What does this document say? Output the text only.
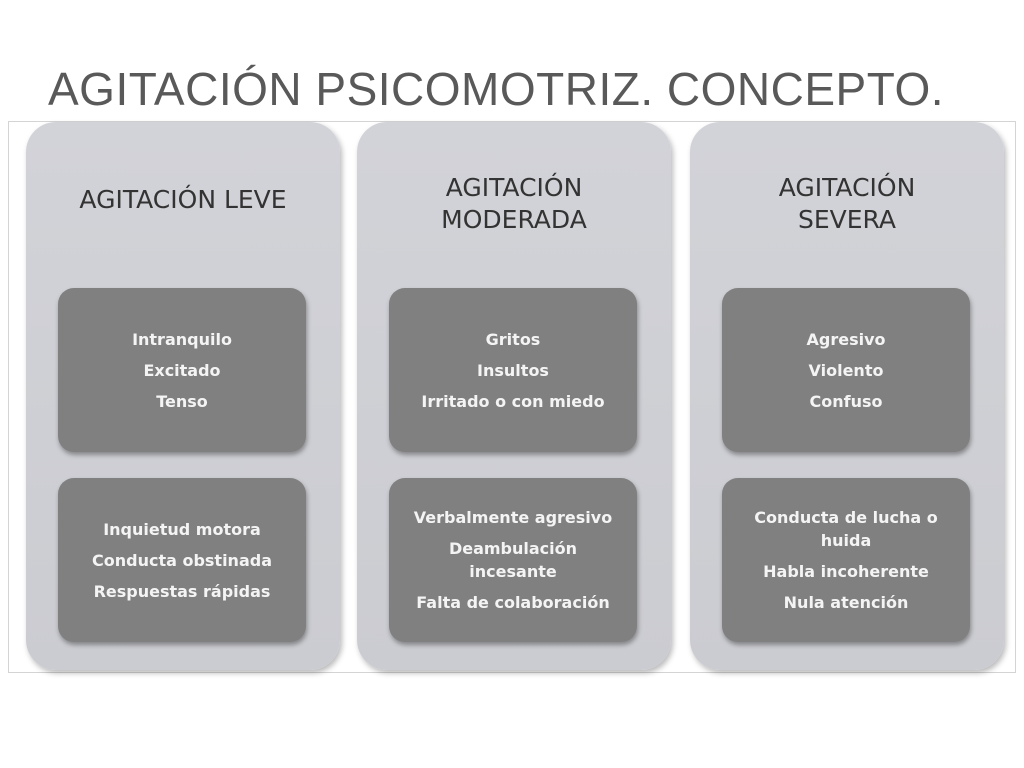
AGITACIÓN PSICOMOTRIZ. CONCEPTO.
AGITACIÓN LEVE
Intranquilo
Excitado
Tenso
Inquietud motora
Conducta obstinada
Respuestas rápidas
AGITACIÓN
MODERADA
Gritos
Insultos
Irritado o con miedo
Verbalmente agresivo
Deambulación incesante
Falta de colaboración
AGITACIÓN
SEVERA
Agresivo
Violento
Confuso
Conducta de lucha o huida
Habla incoherente
Nula atención
